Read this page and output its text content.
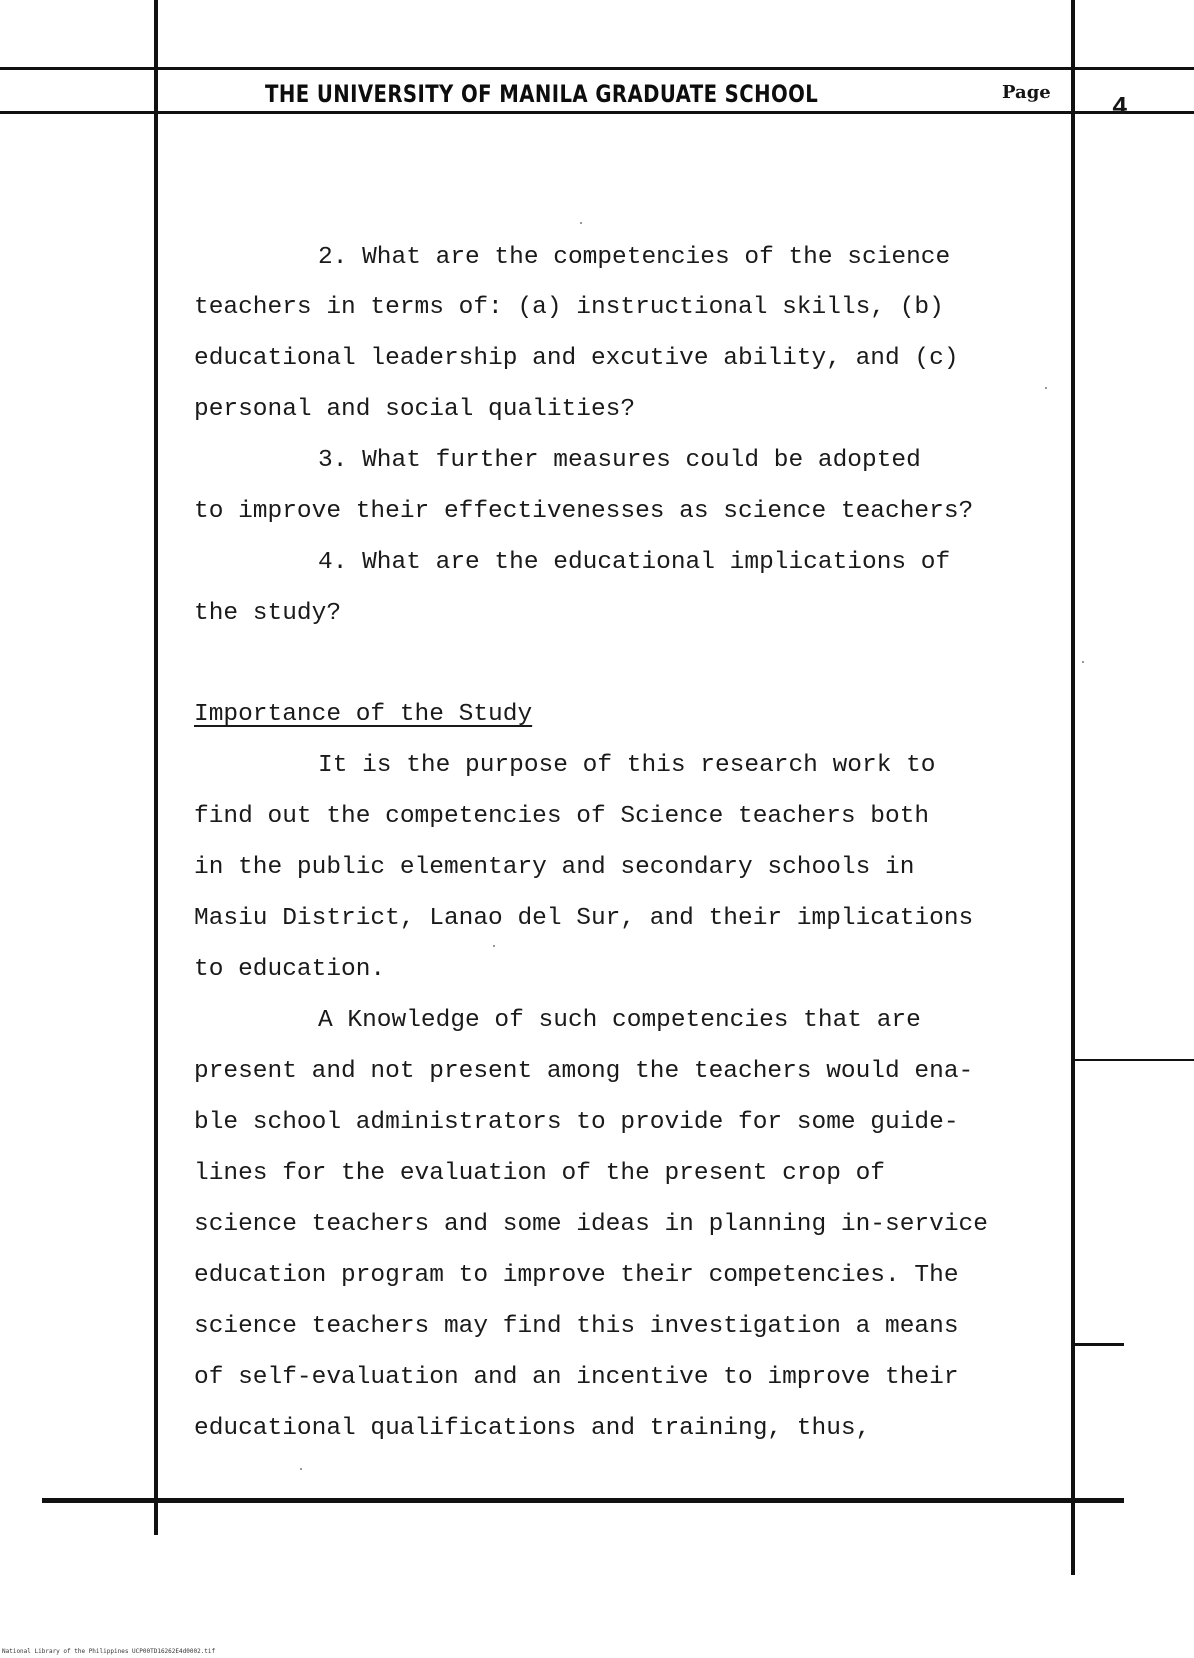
THE UNIVERSITY OF MANILA GRADUATE SCHOOL	Page 4
2. What are the competencies of the science
teachers in terms of: (a) instructional skills, (b)
educational leadership and excutive ability, and (c)
personal and social qualities?
3. What further measures could be adopted
to improve their effectivenesses as science teachers?
4. What are the educational implications of
the study?
Importance of the Study
It is the purpose of this research work to
find out the competencies of Science teachers both
in the public elementary and secondary schools in
Masiu District, Lanao del Sur, and their implications
to education.
A Knowledge of such competencies that are
present and not present among the teachers would ena-
ble school administrators to provide for some guide-
lines for the evaluation of the present crop of
science teachers and some ideas in planning in-service
education program to improve their competencies. The
science teachers may find this investigation a means
of self-evaluation and an incentive to improve their
educational qualifications and training, thus,
National Library of the Philippines UCP00TD16262E4d0002.tif
